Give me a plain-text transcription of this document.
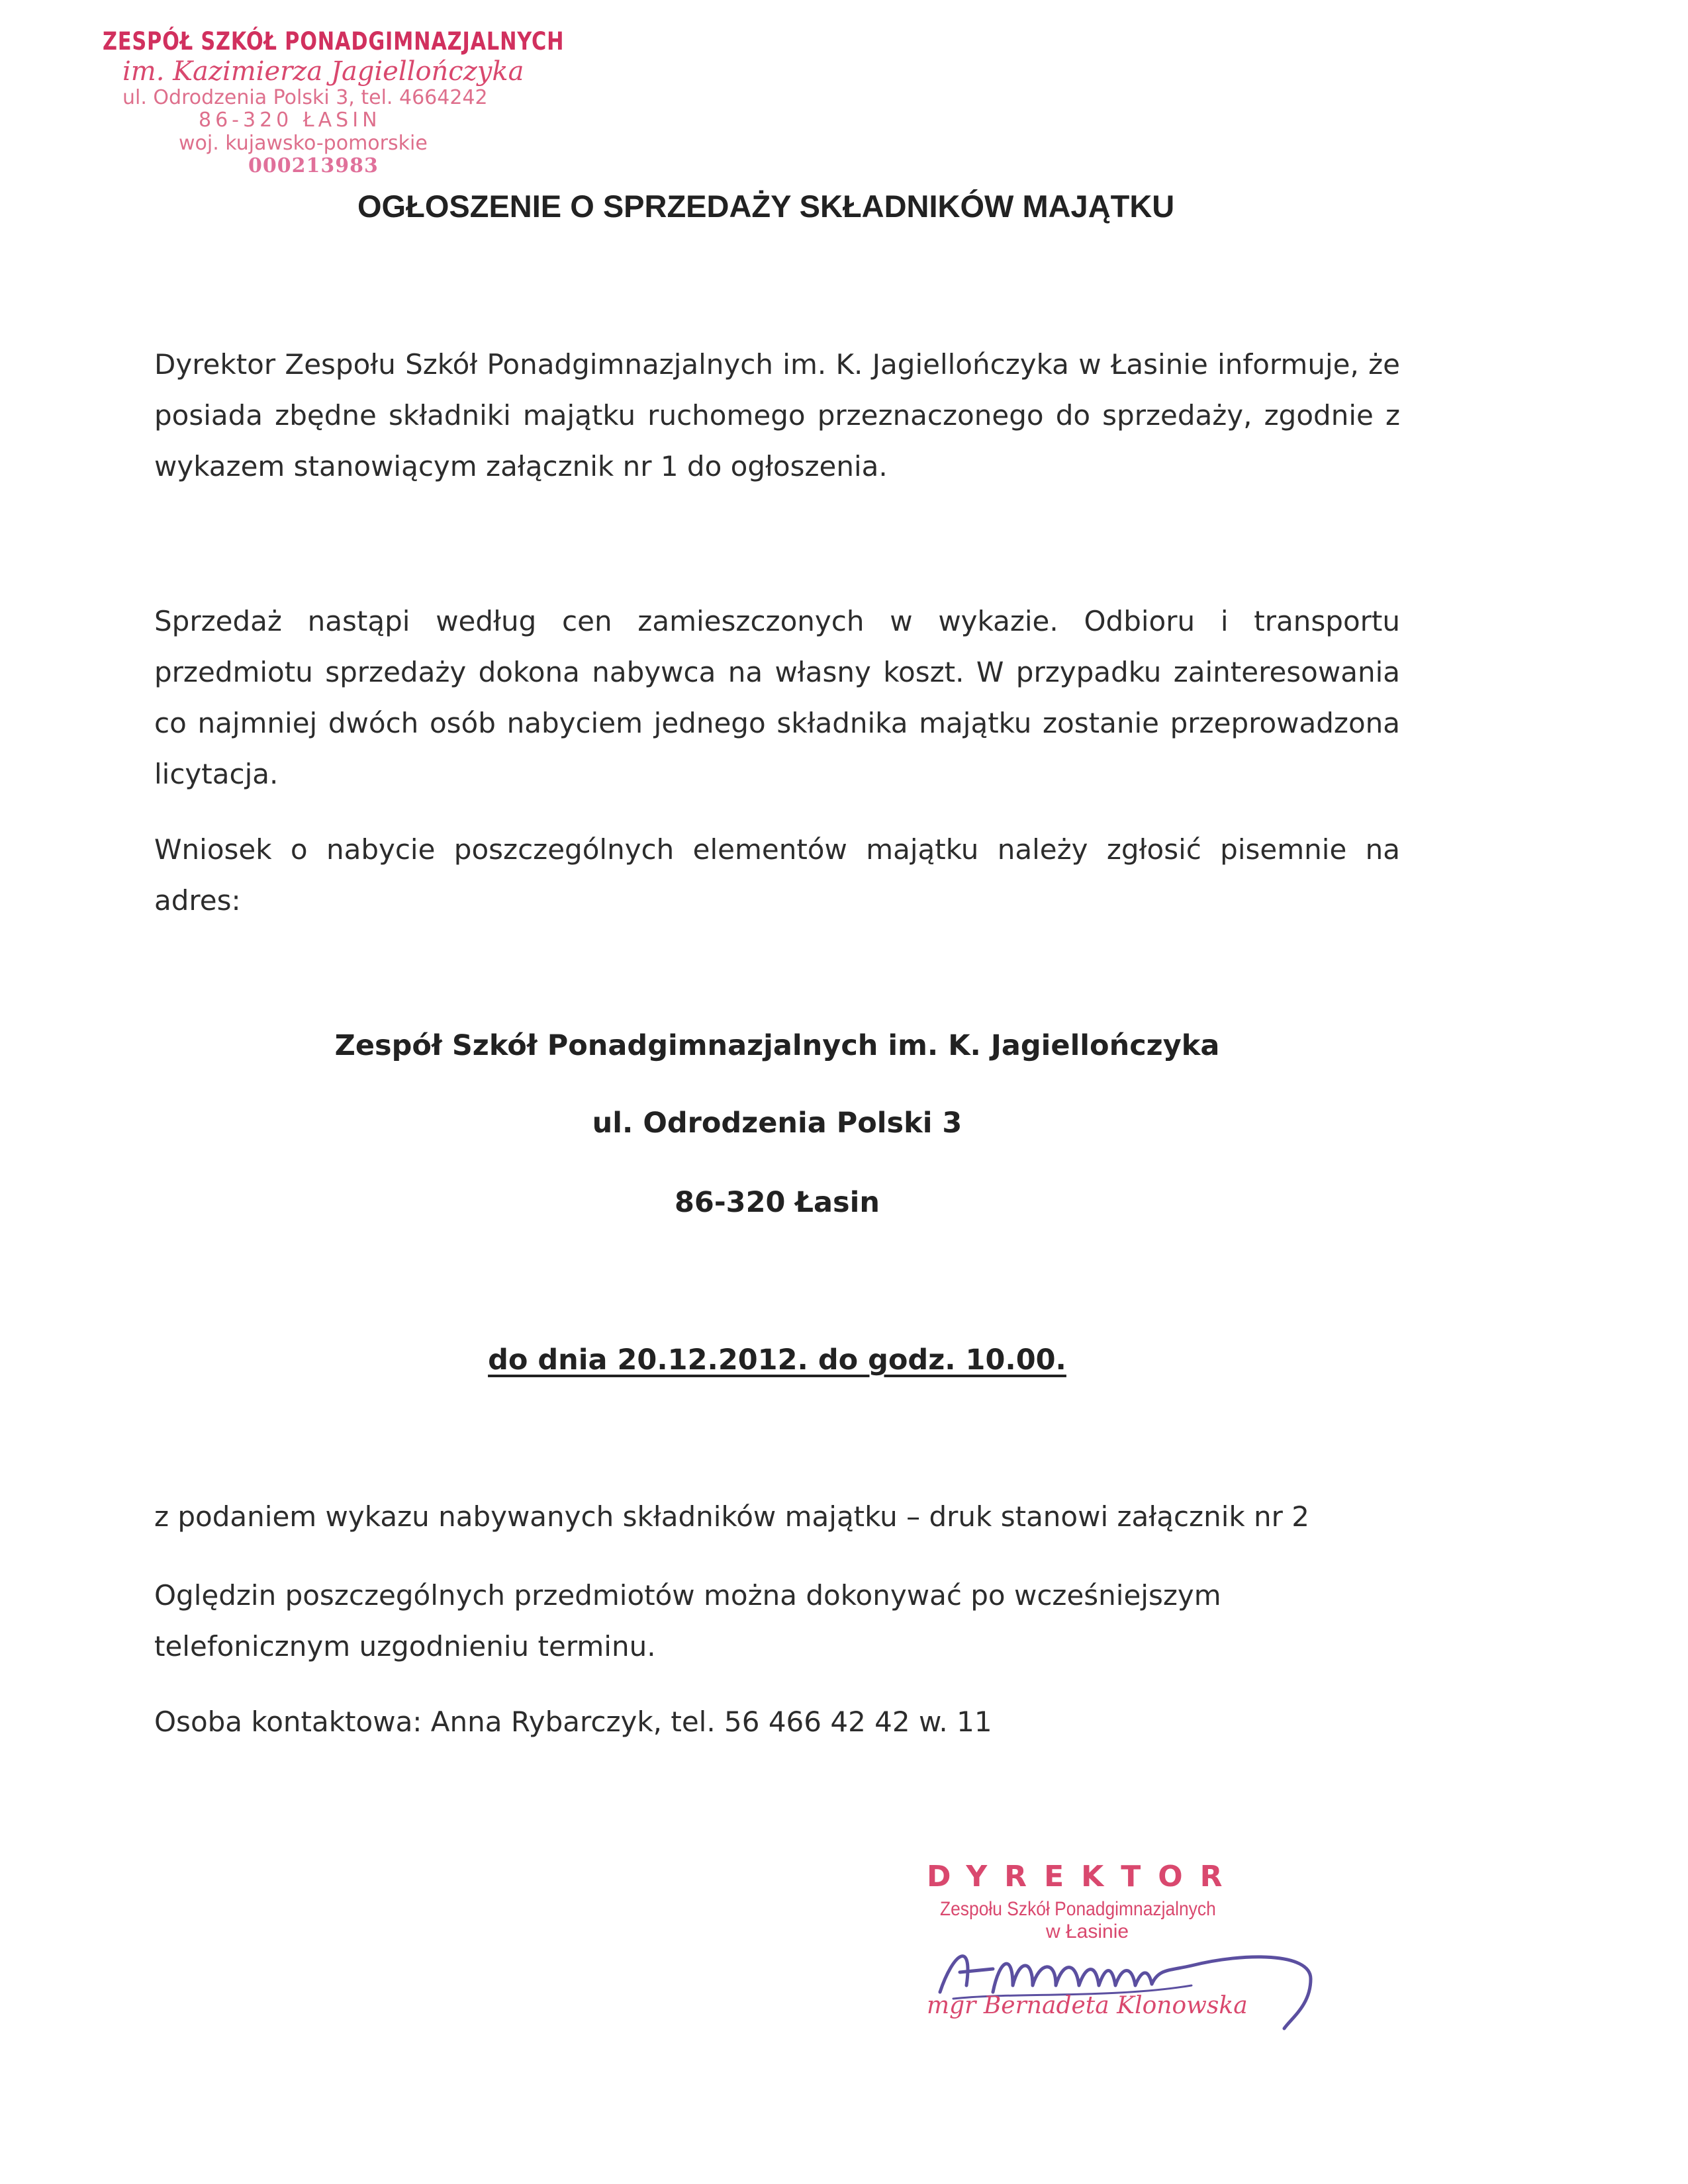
ZESPÓŁ SZKÓŁ PONADGIMNAZJALNYCH
im. Kazimierza Jagiellończyka
ul. Odrodzenia Polski 3, tel. 4664242
86-320 ŁASIN
woj. kujawsko-pomorskie
000213983
OGŁOSZENIE O SPRZEDAŻY SKŁADNIKÓW MAJĄTKU

Dyrektor Zespołu Szkół Ponadgimnazjalnych im. K. Jagiellończyka w Łasinie informuje, że posiada zbędne składniki majątku ruchomego przeznaczonego do sprzedaży, zgodnie z wykazem stanowiącym załącznik nr 1 do ogłoszenia.

Sprzedaż nastąpi według cen zamieszczonych w wykazie. Odbioru i transportu przedmiotu sprzedaży dokona nabywca na własny koszt. W przypadku zainteresowania co najmniej dwóch osób nabyciem jednego składnika majątku zostanie przeprowadzona licytacja.

Wniosek o nabycie poszczególnych elementów majątku należy zgłosić pisemnie na adres:

Zespół Szkół Ponadgimnazjalnych im. K. Jagiellończyka
ul. Odrodzenia Polski 3
86-320 Łasin
do dnia 20.12.2012. do godz. 10.00.
z podaniem wykazu nabywanych składników majątku – druk stanowi załącznik nr 2
Oględzin poszczególnych przedmiotów można dokonywać po wcześniejszym telefonicznym uzgodnieniu terminu.
Osoba kontaktowa: Anna Rybarczyk, tel. 56 466 42 42 w. 11
DYREKTOR
Zespołu Szkół Ponadgimnazjalnych
w Łasinie
mgr Bernadeta Klonowska
